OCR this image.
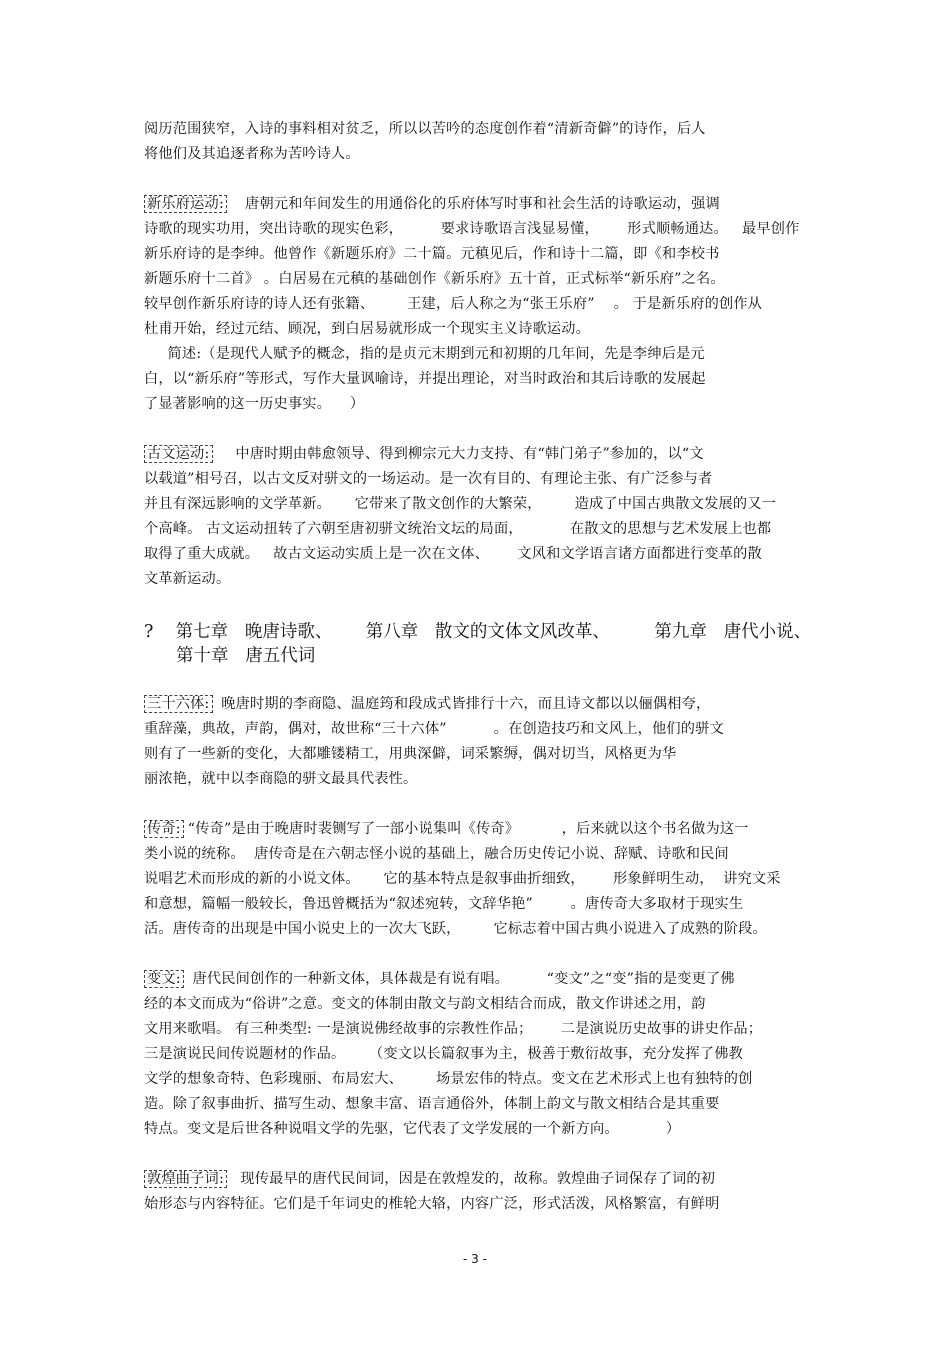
阅历范围狭窄，入诗的事料相对贫乏，所以以苦吟的态度创作着“清新奇僻”的诗作，后人
将他们及其追逐者称为苦吟诗人。
新乐府运动:   唐朝元和年间发生的用通俗化的乐府体写时事和社会生活的诗歌运动，强调
诗歌的现实功用，突出诗歌的现实色彩，        要求诗歌语言浅显易懂，      形式顺畅通达。   最早创作
新乐府诗的是李绅。他曾作《新题乐府》二十篇。元稹见后，作和诗十二篇，即《和李校书
新题乐府十二首》 。白居易在元稹的基础创作《新乐府》五十首，正式标举“新乐府”之名。
较早创作新乐府诗的诗人还有张籍、       王建，后人称之为“张王乐府”    。 于是新乐府的创作从
杜甫开始，经过元结、顾况，到白居易就形成一个现实主义诗歌运动。
简述:（是现代人赋予的概念，指的是贞元末期到元和初期的几年间，先是李绅后是元
白，以“新乐府”等形式，写作大量讽喻诗，并提出理论，对当时政治和其后诗歌的发展起
了显著影响的这一历史事实。    ）
古文运动:    中唐时期由韩愈领导、得到柳宗元大力支持、有“韩门弟子”参加的，以“文
以载道”相号召，以古文反对骈文的一场运动。是一次有目的、有理论主张、有广泛参与者
并且有深远影响的文学革新。     它带来了散文创作的大繁荣，       造成了中国古典散文发展的又一
个高峰。 古文运动扭转了六朝至唐初骈文统治文坛的局面，          在散文的思想与艺术发展上也都
取得了重大成就。   故古文运动实质上是一次在文体、      文风和文学语言诸方面都进行变革的散
文革新运动。
?    第七章   晚唐诗歌、      第八章   散文的文体文风改革、        第九章   唐代小说、
第十章   唐五代词
三十六体: 晚唐时期的李商隐、温庭筠和段成式皆排行十六，而且诗文都以以俪偶相夸，
重辞藻，典故，声韵，偶对，故世称“三十六体”          。在创造技巧和文风上，他们的骈文
则有了一些新的变化，大都雕镂精工，用典深僻，词采繁缛，偶对切当，风格更为华
丽浓艳，就中以李商隐的骈文最具代表性。
传奇: “传奇”是由于晚唐时裴铡写了一部小说集叫《传奇》         ，后来就以这个书名做为这一
类小说的统称。  唐传奇是在六朝志怪小说的基础上，融合历史传记小说、辞赋、诗歌和民间
说唱艺术而形成的新的小说文体。     它的基本特点是叙事曲折细致，      形象鲜明生动，  讲究文采
和意想，篇幅一般较长，鲁迅曾概括为“叙述宛转，文辞华艳”        。唐传奇大多取材于现实生
活。唐传奇的出现是中国小说史上的一次大飞跃，       它标志着中国古典小说进入了成熟的阶段。
变文: 唐代民间创作的一种新文体，具体裁是有说有唱。        “变文”之“变”指的是变更了佛
经的本文而成为“俗讲”之意。变文的体制由散文与韵文相结合而成，散文作讲述之用，韵
文用来歌唱。 有三种类型: 一是演说佛经故事的宗教性作品；      二是演说历史故事的讲史作品；
三是演说民间传说题材的作品。     （变文以长篇叙事为主，极善于敷衍故事，充分发挥了佛教
文学的想象奇特、色彩瑰丽、布局宏大、       场景宏伟的特点。变文在艺术形式上也有独特的创
造。除了叙事曲折、描写生动、想象丰富、语言通俗外，体制上韵文与散文相结合是其重要
特点。变文是后世各种说唱文学的先驱，它代表了文学发展的一个新方向。          ）
敦煌曲子词:  现传最早的唐代民间词，因是在敦煌发的，故称。敦煌曲子词保存了词的初
始形态与内容特征。它们是千年词史的椎轮大辂，内容广泛，形式活泼，风格繁富，有鲜明
- 3 -
